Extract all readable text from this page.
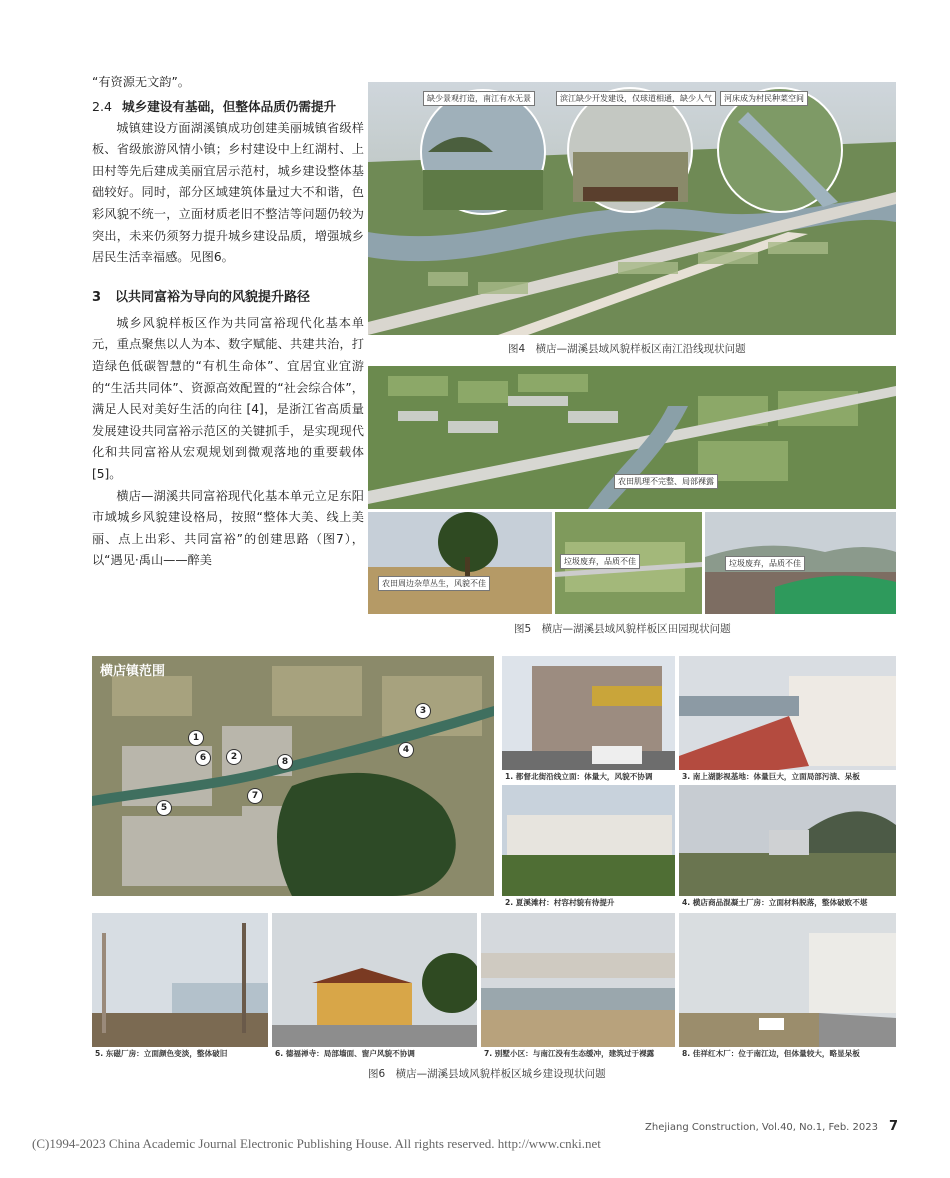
“有资源无文韵”。

2.4 城乡建设有基础，但整体品质仍需提升

城镇建设方面湖溪镇成功创建美丽城镇省级样板、省级旅游风情小镇；乡村建设中上红湖村、上田村等先后建成美丽宜居示范村，城乡建设整体基础较好。同时，部分区域建筑体量过大不和谐，色彩风貌不统一，立面材质老旧不整洁等问题仍较为突出，未来仍须努力提升城乡建设品质，增强城乡居民生活幸福感。见图6。

3 以共同富裕为导向的风貌提升路径

城乡风貌样板区作为共同富裕现代化基本单元，重点聚焦以人为本、数字赋能、共建共治，打造绿色低碳智慧的“有机生命体”、宜居宜业宜游的“生活共同体”、资源高效配置的“社会综合体”，满足人民对美好生活的向往 [4]，是浙江省高质量发展建设共同富裕示范区的关键抓手，是实现现代化和共同富裕从宏观规划到微观落地的重要载体 [5]。

横店—湖溪共同富裕现代化基本单元立足东阳市域城乡风貌建设格局，按照“整体大美、线上美丽、点上出彩、共同富裕”的创建思路（图7），以“遇见·禹山——醉美

缺少景观打造，南江有水无景	滨江缺少开发建设，仅球道相通，缺少人气	河床成为村民种菜空间
图4　横店—湖溪县域风貌样板区南江沿线现状问题
农田肌理不完整、局部裸露
农田周边杂草丛生，风貌不佳
垃圾废弃，品质不佳	垃圾废弃，品质不佳
图5　横店—湖溪县域风貌样板区田园现状问题
横店镇范围
1
2
3
4
5
6
7
8
1. 都督北街沿线立面：体量大，风貌不协调	3. 南上湖影视基地：体量巨大，立面局部污渍、呆板
2. 夏溪滩村：村容村貌有待提升	4. 横店商品混凝土厂房：立面材料脱落，整体破败不堪
5. 东磁厂房：立面颜色变淡，整体破旧	6. 德福禅寺：局部墙面、窗户风貌不协调	7. 别墅小区：与南江没有生态缓冲，建筑过于裸露	8. 佳祥红木厂：位于南江边，但体量较大，略显呆板
图6　横店—湖溪县域风貌样板区城乡建设现状问题
Zhejiang Construction, Vol.40, No.1, Feb. 2023 7
(C)1994-2023 China Academic Journal Electronic Publishing House. All rights reserved. http://www.cnki.net
